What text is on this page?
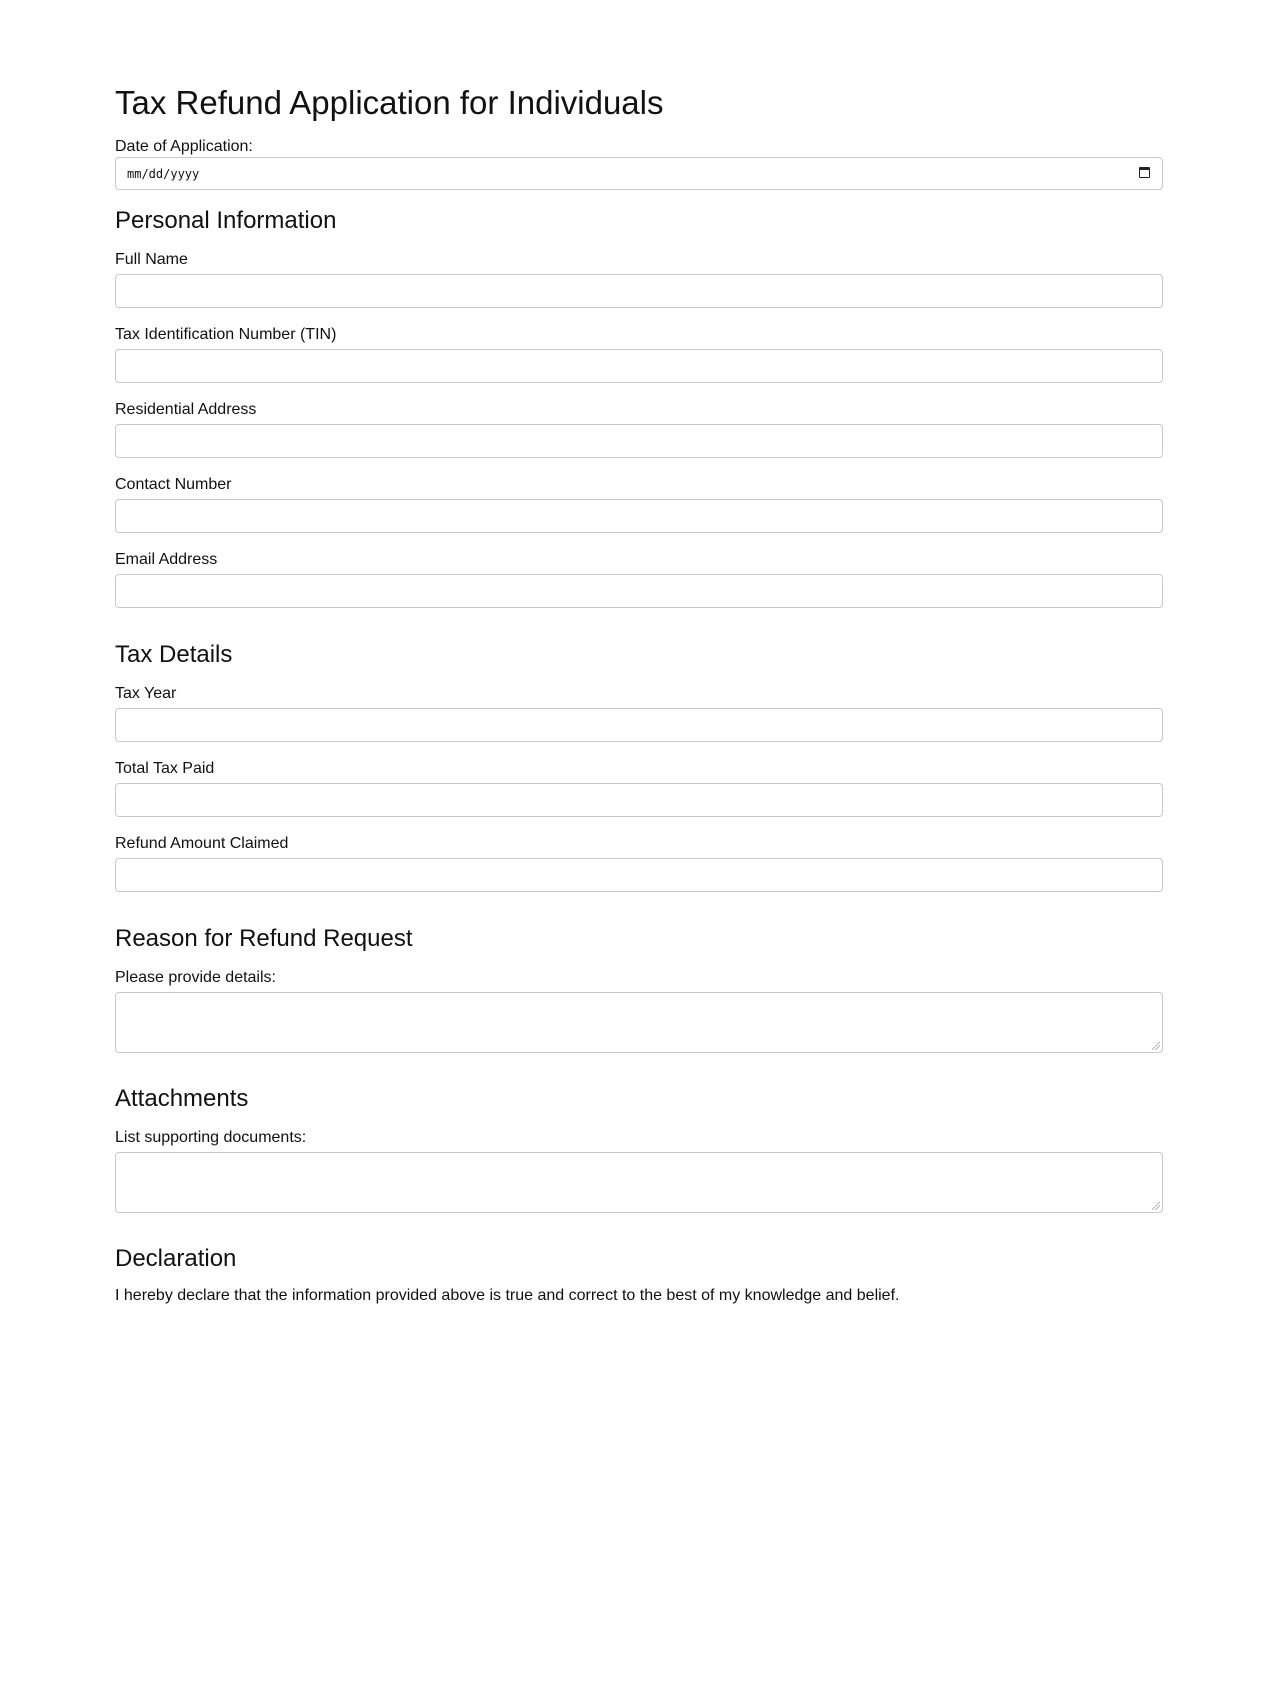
Tax Refund Application for Individuals
Date of Application:
mm/dd/yyyy
Personal Information
Full Name
Tax Identification Number (TIN)
Residential Address
Contact Number
Email Address
Tax Details
Tax Year
Total Tax Paid
Refund Amount Claimed
Reason for Refund Request
Please provide details:
Attachments
List supporting documents:
Declaration
I hereby declare that the information provided above is true and correct to the best of my knowledge and belief.
